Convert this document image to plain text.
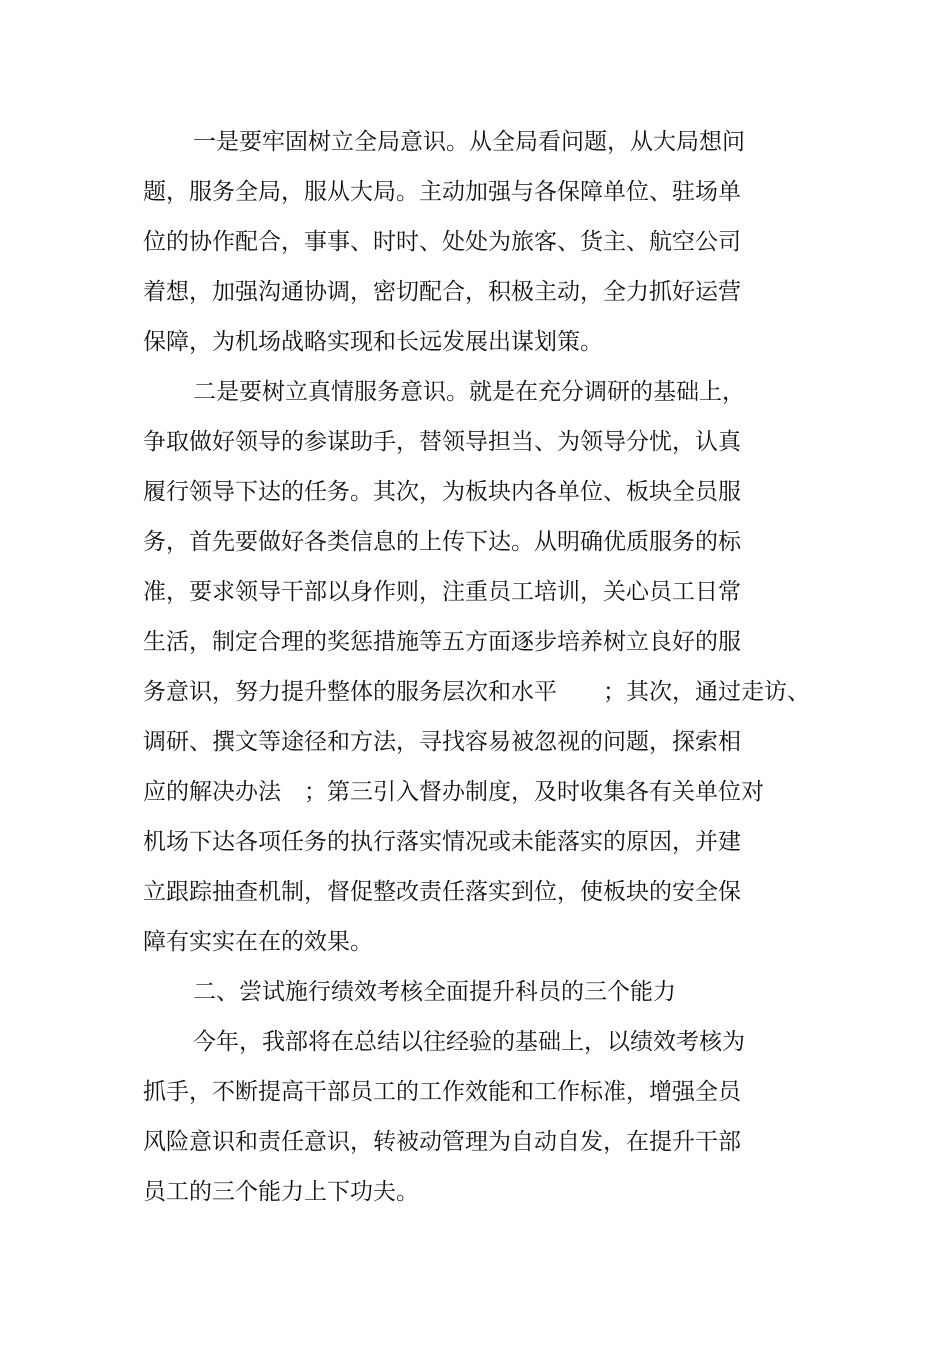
一是要牢固树立全局意识。从全局看问题，从大局想问
题，服务全局，服从大局。主动加强与各保障单位、驻场单
位的协作配合，事事、时时、处处为旅客、货主、航空公司
着想，加强沟通协调，密切配合，积极主动，全力抓好运营
保障，为机场战略实现和长远发展出谋划策。
二是要树立真情服务意识。就是在充分调研的基础上，
争取做好领导的参谋助手，替领导担当、为领导分忧，认真
履行领导下达的任务。其次，为板块内各单位、板块全员服
务，首先要做好各类信息的上传下达。从明确优质服务的标
准，要求领导干部以身作则，注重员工培训，关心员工日常
生活，制定合理的奖惩措施等五方面逐步培养树立良好的服
务意识，努力提升整体的服务层次和水平　　；其次，通过走访、
调研、撰文等途径和方法，寻找容易被忽视的问题，探索相
应的解决办法　；第三引入督办制度，及时收集各有关单位对
机场下达各项任务的执行落实情况或未能落实的原因，并建
立跟踪抽查机制，督促整改责任落实到位，使板块的安全保
障有实实在在的效果。
二、尝试施行绩效考核全面提升科员的三个能力
今年，我部将在总结以往经验的基础上，以绩效考核为
抓手，不断提高干部员工的工作效能和工作标准，增强全员
风险意识和责任意识，转被动管理为自动自发，在提升干部
员工的三个能力上下功夫。
